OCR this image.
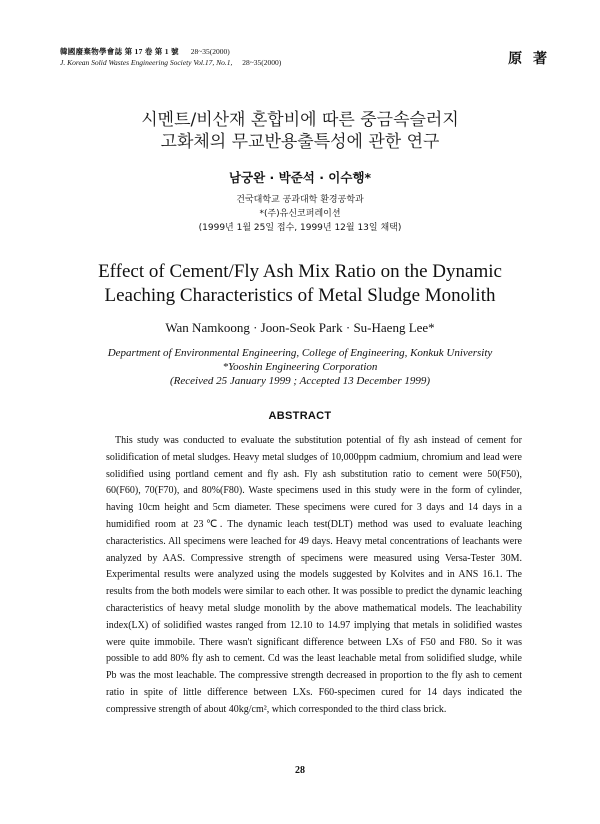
韓國廢棄物學會誌 第 17 卷 第 1 號 28~35(2000)
J. Korean Solid Wastes Engineering Society Vol.17, No.1, 28~35(2000)	原 著
시멘트/비산재 혼합비에 따른 중금속슬러지
고화체의 무교반용출특성에 관한 연구
남궁완 · 박준석 · 이수행*
건국대학교 공과대학 환경공학과
*(주)유신코퍼레이션
(1999년 1월 25일 접수, 1999년 12월 13일 채택)
Effect of Cement/Fly Ash Mix Ratio on the Dynamic
Leaching Characteristics of Metal Sludge Monolith
Wan Namkoong · Joon-Seok Park · Su-Haeng Lee*
Department of Environmental Engineering, College of Engineering, Konkuk University
*Yooshin Engineering Corporation
(Received 25 January 1999 ; Accepted 13 December 1999)
ABSTRACT

This study was conducted to evaluate the substitution potential of fly ash instead of cement for solidification of metal sludges. Heavy metal sludges of 10,000ppm cadmium, chromium and lead were solidified using portland cement and fly ash. Fly ash substitution ratio to cement were 50(F50), 60(F60), 70(F70), and 80%(F80). Waste specimens used in this study were in the form of cylinder, having 10cm height and 5cm diameter. These specimens were cured for 3 days and 14 days in a humidified room at 23℃. The dynamic leach test(DLT) method was used to evaluate leaching characteristics. All specimens were leached for 49 days. Heavy metal concentrations of leachants were analyzed by AAS. Compressive strength of specimens were measured using Versa-Tester 30M. Experimental results were analyzed using the models suggested by Kolvites and in ANS 16.1. The results from the both models were similar to each other. It was possible to predict the dynamic leaching characteristics of heavy metal sludge monolith by the above mathematical models. The leachability index(LX) of solidified wastes ranged from 12.10 to 14.97 implying that metals in solidified wastes were quite immobile. There wasn't significant difference between LXs of F50 and F80. So it was possible to add 80% fly ash to cement. Cd was the least leachable metal from solidified sludge, while Pb was the most leachable. The compressive strength decreased in proportion to the fly ash to cement ratio in spite of little difference between LXs. F60-specimen cured for 14 days indicated the compressive strength of about 40kg/cm², which corresponded to the third class brick.

28
